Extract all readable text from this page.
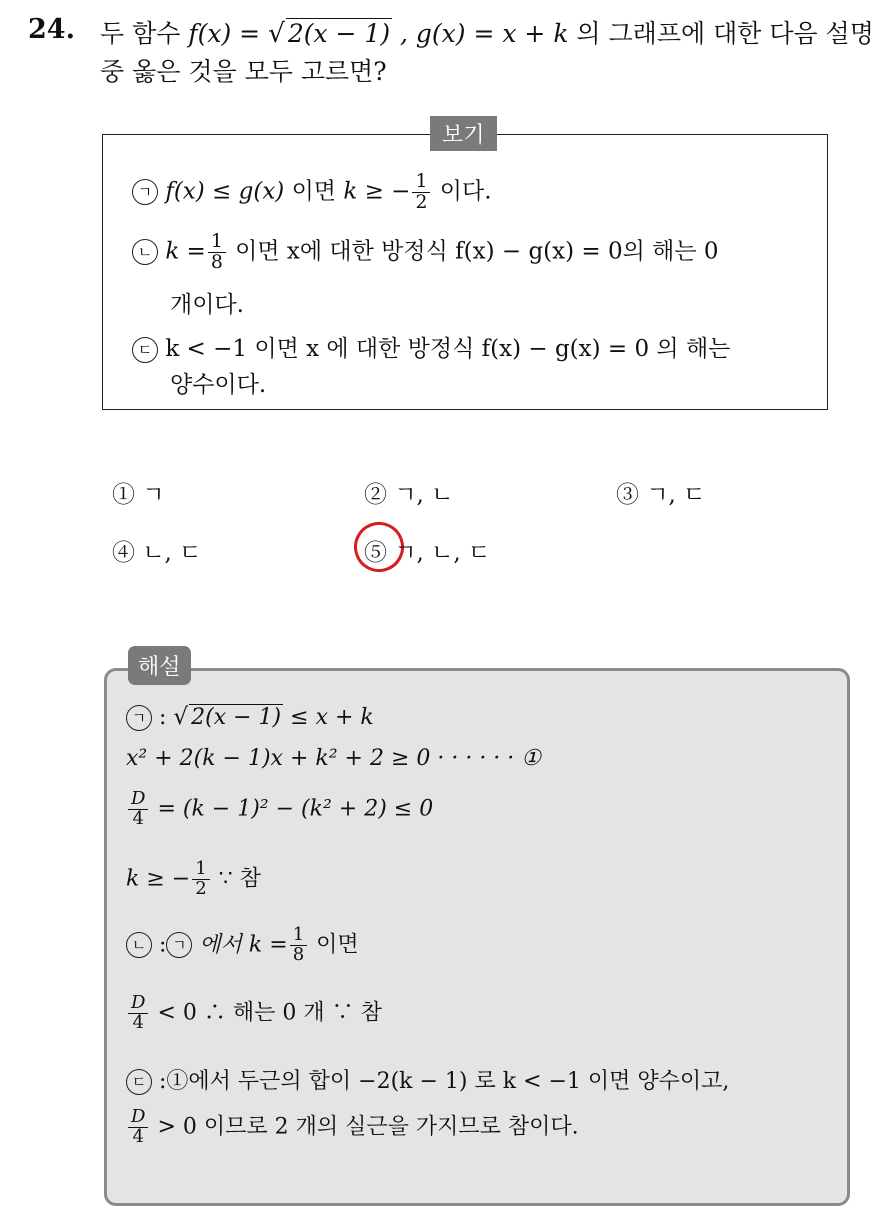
24. 두 함수 f(x) = √ 2(x − 1) , g(x) = x + k 의 그래프에 대한 다음 설명
중 옳은 것을 모두 고르면?
보기
ㄱ f(x) ≤ g(x) 이면 k ≥ − $\frac{1}{2}$ 이다.
ㄴ $k = \frac{1}{8}$ 이면 x에 대한 방정식 f(x) − g(x) = 0의 해는 0
개이다.
ㄷ k < −1 이면 x 에 대한 방정식 f(x) − g(x) = 0 의 해는
양수이다.
① ㄱ	② ㄱ, ㄴ	③ ㄱ, ㄷ
④ ㄴ, ㄷ	⑤ ㄱ, ㄴ, ㄷ
해설
ㄱ : √ 2(x − 1) ≤ x + k
x² + 2(k − 1)x + k² + 2 ≥ 0 · · · · · · ①
$\frac{D}{4} = (k - 1)^2 - (k^2 + 2) \le 0$
k ≥ − $\frac{1}{2}$ ∵ 참
ㄴ : ㄱ 에서 $k = \frac{1}{8}$ 이면
$\frac{D}{4} < 0$ ∴ 해는 0 개 ∵ 참
ㄷ :①에서 두근의 합이 −2(k − 1) 로 k < −1 이면 양수이고,
$\frac{D}{4} > 0$ 이므로 2 개의 실근을 가지므로 참이다.
